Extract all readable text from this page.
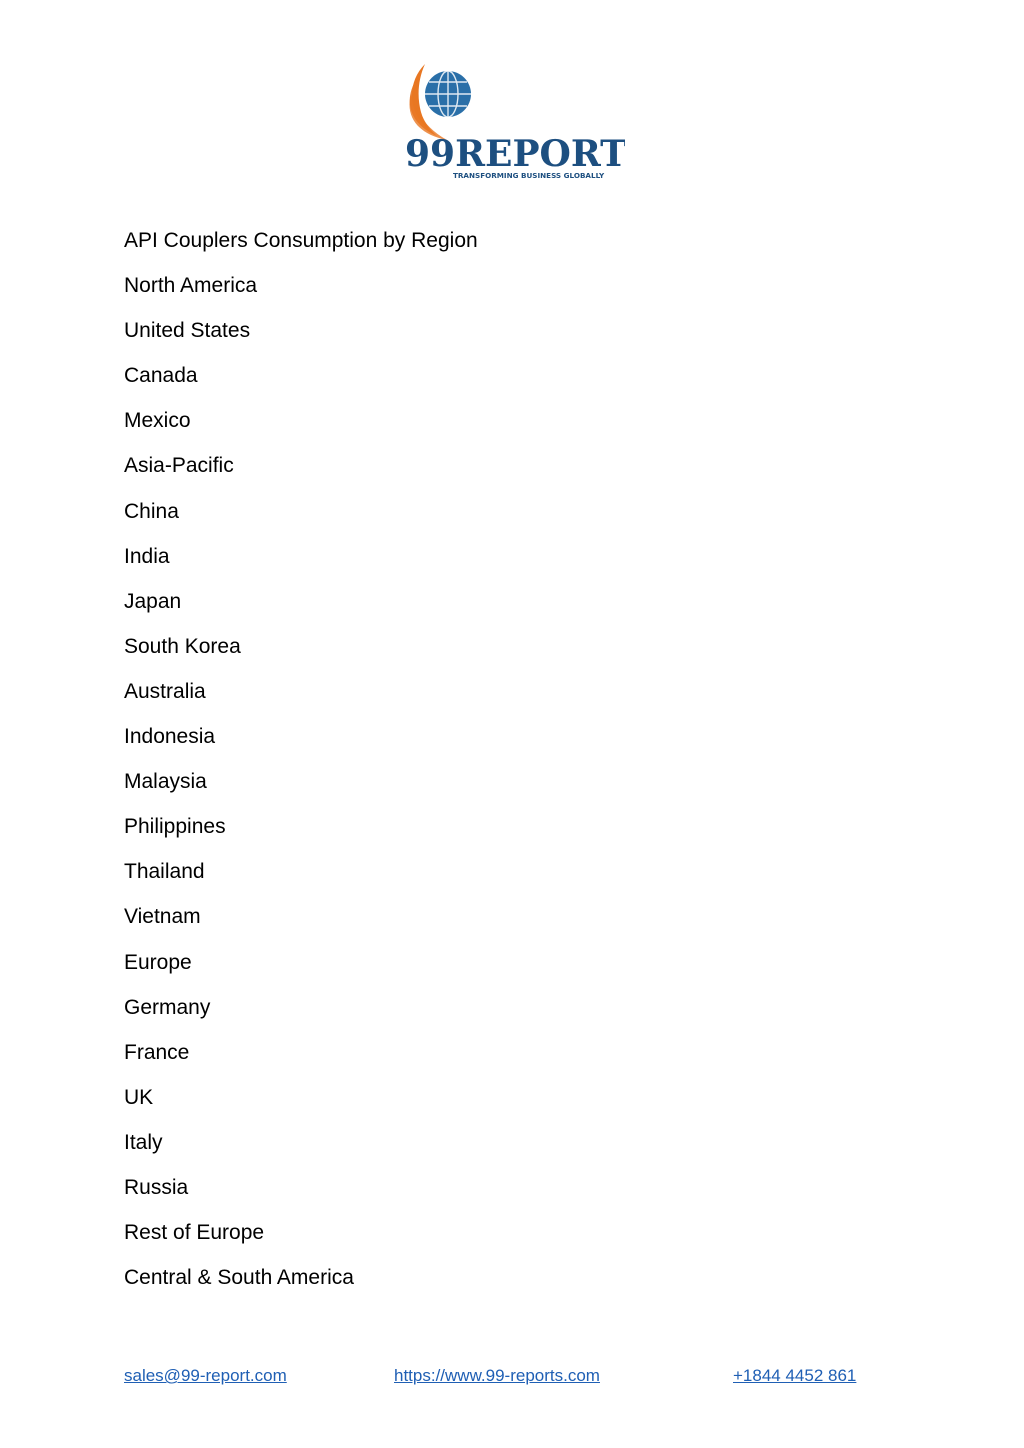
99REPORT
TRANSFORMING BUSINESS GLOBALLY
API Couplers Consumption by Region
North America
United States
Canada
Mexico
Asia-Pacific
China
India
Japan
South Korea
Australia
Indonesia
Malaysia
Philippines
Thailand
Vietnam
Europe
Germany
France
UK
Italy
Russia
Rest of Europe
Central & South America
sales@99-report.com	https://www.99-reports.com	+1844 4452 861
